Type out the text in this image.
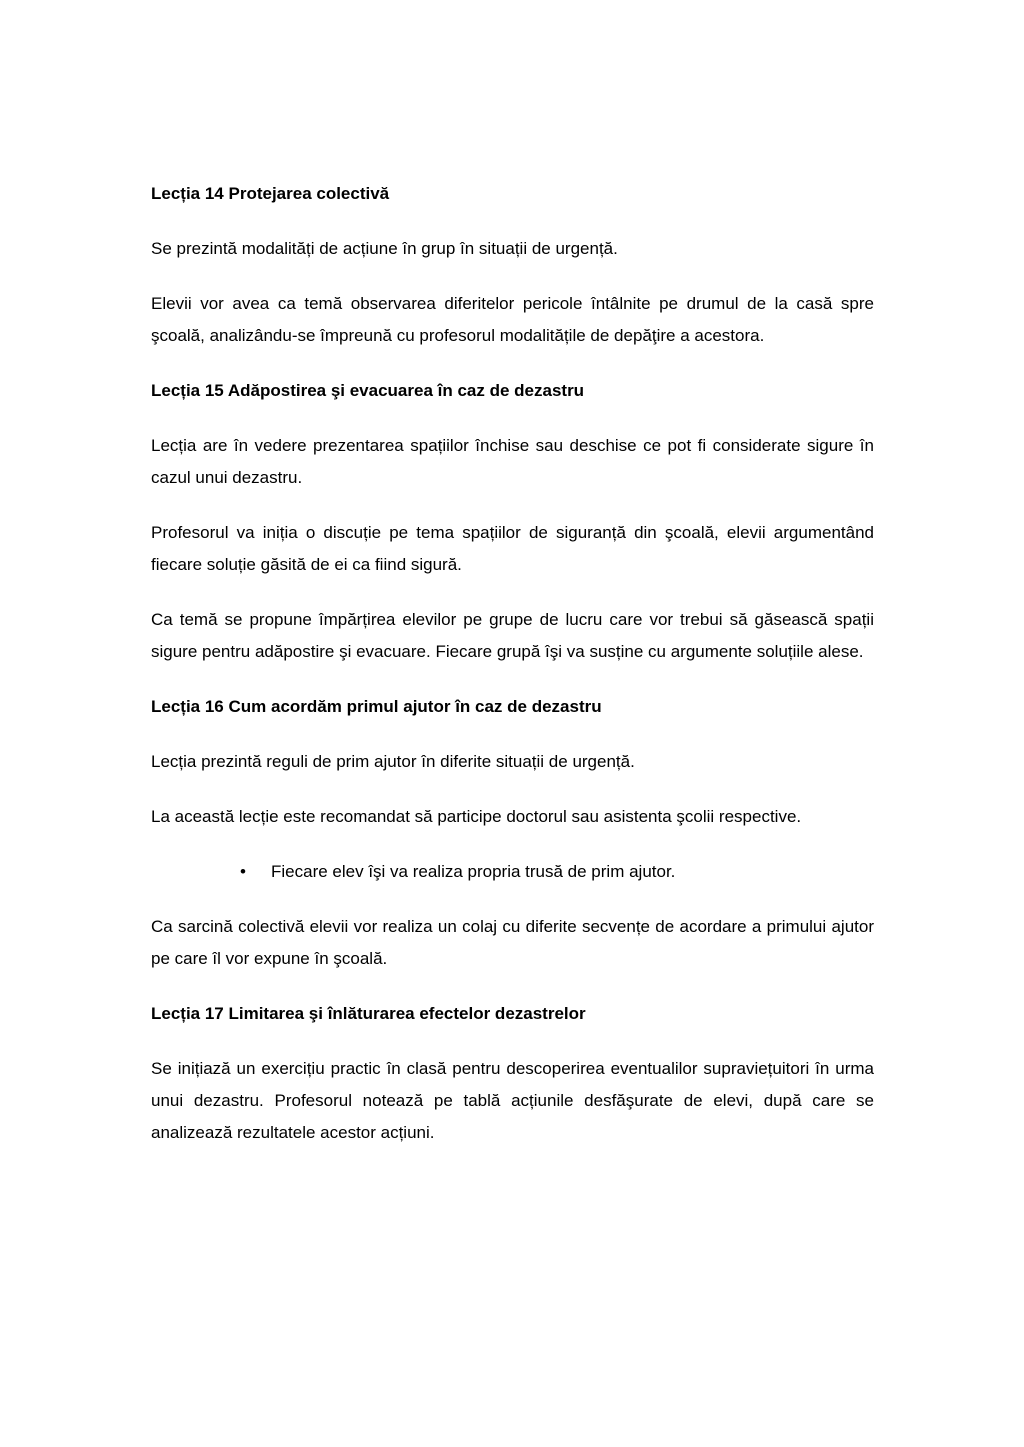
Lecția 14 Protejarea colectivă
Se prezintă modalități de acțiune în grup în situații de urgență.
Elevii vor avea ca temă observarea diferitelor pericole întâlnite pe drumul de la casă spre şcoală, analizându-se împreună cu profesorul modalitățile de depăţire a acestora.
Lecția 15 Adăpostirea şi evacuarea în caz de dezastru
Lecția are în vedere prezentarea spațiilor închise sau deschise ce pot fi considerate sigure în cazul unui dezastru.
Profesorul va iniția o discuție pe tema spațiilor de siguranță din şcoală, elevii argumentând fiecare soluție găsită de ei ca fiind sigură.
Ca temă se propune împărțirea elevilor pe grupe de lucru care vor trebui să găsească spații sigure pentru adăpostire şi evacuare. Fiecare grupă îşi va susține cu argumente soluțiile alese.
Lecția 16 Cum acordăm primul ajutor în caz de dezastru
Lecția prezintă reguli de prim ajutor în diferite situații de urgență.
La această lecție este recomandat să participe doctorul sau asistenta şcolii respective.
• Fiecare elev îşi va realiza propria trusă de prim ajutor.
Ca sarcină colectivă elevii vor realiza un colaj cu diferite secvențe de acordare a primului ajutor pe care îl vor expune în şcoală.
Lecția 17 Limitarea şi înlăturarea efectelor dezastrelor
Se inițiază un exercițiu practic în clasă pentru descoperirea eventualilor supraviețuitori în urma unui dezastru. Profesorul notează pe tablă acțiunile desfăşurate de elevi, după care se analizează rezultatele acestor acțiuni.
